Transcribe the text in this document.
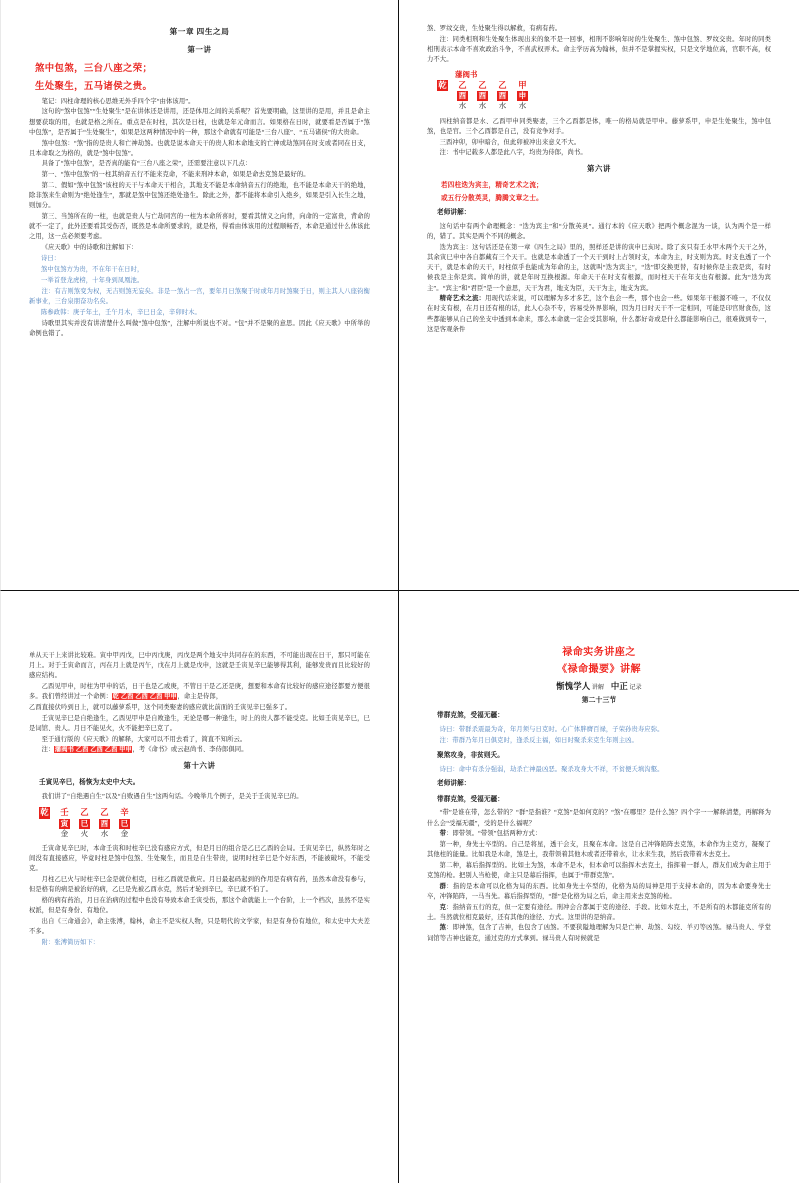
第一章 四生之局
第一讲
煞中包煞，三台八座之荣；
生处聚生，五马诸侯之贵。

笔记：四柱命理的核心思维无外乎四个字“由体该用”。

这句的“煞中包煞”“生处聚生”是在讲体还是讲用，还是体用之间的关系呢？首先要明确，这里讲的是用，并且是命主想要获取的用，也就是格之所在。重点是在时柱，其次是日柱，也就是年元命而言。如果格在日时，就要看是否属于“煞中包煞”，是否属于“生处聚生”，如果是这两种情况中的一种，那这个命就有可能是“三台八座”、“五马诸侯”的大贵命。

煞中包煞：“煞”指的是贵人和亡神劫煞。也就是说本命天干的贵人和本命地支的亡神或劫煞同在时支或者同在日支，且本命取之为格的，就是“煞中包煞”。

具备了“煞中包煞”，是否真的能有“三台八座之荣”，还需要注意以下几点：

第一、“煞中包煞”的一柱其纳音五行不能来克命，不能来刑冲本命，如果是命去克煞是最好的。

第二、假如“煞中包煞”该柱的天干与本命天干相合，其地支不能是本命纳音五行的绝地，也不能是本命天干的绝地，除非煞来生命则为“绝处逢生”，那就是煞中包煞还绝处逢生。除此之外，都不能将本命引入绝乡，如果是引入长生之地，则加分。

第三、当煞所在的一柱，也就是贵人与亡劫同宫的一柱为本命所喜时，要看其情义之向背，向命的一定富贵，背命的就不一定了，此外还要看其受伤否，既然是本命所要求的，就是格，得看由体该用的过程顺畅否，本命是通过什么体该此之用，这一点必须要考虑。

《应天歌》中的诗歌和注解如下：

诗曰：

煞中包煞方为贵，不在年干在日时，

一举首登龙虎榜，十年身到凤凰池。

注：有吉则煞变为权，无吉则煞无妄矣。非是一煞占一宫，要年月日煞聚于时或年月时煞聚于日，则主其人八座钧衡新事业，三台泉朋奋功名矣。

陈参政韩：庚子年土，壬午月木，辛巳日金，辛卯时木。

诗歌里其实并没有讲清楚什么叫做“煞中包煞”，注解中所说也不对。“包”并不是聚的意思。因此《应天歌》中所举的命例也错了。

煞、罗纹交贵，生处聚生得以解救，有病有药。

注：同类相刑和生处聚生体现出来的象不是一回事，相刑不影响年时的生处聚生、煞中包煞、罗纹交贵。年时的同类相刑表示本命不喜欢政治斗争，不喜武权弄术。命主学历高为翰林，但并不是掌握实权，只是文学地位高，官职不高，权力不大。

藩阀书
乾 乙 乙 乙 甲
酉 酉 酉 申
水 水 水 水

四柱纳音都是水、乙酉甲申同类娶妻，三个乙酉都是体，唯一的格局就是甲申。藤萝系甲，申是生处聚生，煞中包煞，也是官。三个乙酉都是自己，没有竞争对手。

三酉冲卯，卯申暗合，但此卯被冲出来意义不大。

注：书中记载多人都是此八字，均贵为侍郎，尚书。

第六讲
若四柱迭为宾主，精奇艺术之流；
或五行分散英灵，腾腾文章之士。
老师讲解：

这句话中有两个命理概念：“迭为宾主”和“分散英灵”。通行本的《应天歌》把两个概念混为一谈，认为两个是一样的，错了。其实是两个不同的概念。

迭为宾主：这句话还是在第一章《四生之局》里的，照样还是讲的寅申巳亥时。除了亥只有壬水甲木两个天干之外，其余寅巳申中各自都藏有三个天干。也就是本命透了一个天干到时上占领时支，本命为主，时支则为宾。时支也透了一个天干，就是本命的天干，时柱似乎也能成为年命的主，这就叫“迭为宾主”，“迭”即交换更替，有时候你是主我是宾，有时候我是主你是宾。简单的讲，就是年时互换根源。年命天干在时支有根源，而时柱天干在年支也有根源。此为“迭为宾主”。“宾主”和“君臣”是一个意思，天干为君，地支为臣，天干为主，地支为宾。

精奇艺术之流：用现代话来说，可以理解为多才多艺，这个也会一些，那个也会一些。如果年干根源不唯一，不仅仅在时支有根，在月日还有根的话，此人心杂不专，容易受外界影响，因为月日时天干不一定相同，可能是印官财食伤，这些都能够从自己的坐支中透到本命来，那么本命就一定会受其影响，什么都好奇或是什么都能影响自己，很难做到专一，这是客观条件

单从天干上来讲比较难。寅中甲丙戊，巳中丙戊庚，丙戊是两个地支中共同存在的东西，不可能出现在日干，那只可能在月上。对于壬寅命而言，丙在月上就是丙午，戊在月上就是戊申，这就是壬寅见辛巳能够得其利，能够发贵而且比较好的感应结构。

乙酉见甲申，时柱为甲申的话，日干也是乙或庚，不管日干是乙还是庚，想要和本命有比较好的感应途径都要方便很多。我们曾经讲过一个命例：乾 乙酉 乙酉 乙酉 甲申，命主是侍郎，

乙酉直接伏吟到日上，就可以藤萝系甲，这个同类娶妻的感应就比前面的壬寅见辛巳强多了。

壬寅见辛巳是自绝逢生，乙酉见甲申是自败逢生，无论是哪一种逢生，时上的贵人都不能受克。比如壬寅见辛巳，巳是词馆、贵人。月日不能见火，火不能把辛巳克了。

至于通行版的《应天歌》的解释，大家可以不用去看了，简直不知所云。

注：藩阀书 乙酉 乙酉 乙酉 甲申，考《命书》或云赵尚书、李侍郎俱同。

第十六讲
壬寅见辛巳，杨恢为太史中大夫。

我们讲了“自绝遇自生”以及“自败遇自生”这两句话。今晚举几个例子，是关于壬寅见辛巳的。

乾 壬 乙 乙 辛
寅 巳 酉 巳
金 火 水 金

壬寅命见辛巳时，本命壬寅和时柱辛巳没有感应方式，但是月日的组合是乙巳乙酉的会局。壬寅见辛巳，纵然年时之间没有直接感应，毕竟时柱是煞中包煞、生处聚生，而且是自生带贵，说明时柱辛巳是个好东西，不能被破坏，不能受克。

月柱乙巳火与时柱辛巳金是就位相克，日柱乙酉就是救应。月日最起码起到的作用是有病有药，虽然本命没有参与，但是格有的病是被治好的病，乙巳是先被乙酉水克，然后才轮到辛巳，辛巳就不怕了。

格的病有药治，月日在治病的过程中也没有导致本命壬寅受伤，那这个命就能上一个台阶，上一个档次，虽然不是实权派，但是有身份、有地位。

出自《三命通会》，命主张溥，翰林，命主不是实权人物，只是明代的文学家，但是有身份有地位，和太史中大夫差不多。

附：张溥简历如下：

禄命实务讲座之
《禄命撮要》讲解
惭愧学人 讲解 中正 记录
第二十三节
带群克煞，受福无疆：

诗曰：带群杀震最为奇，年月须与日克时。心广体胖膺百禄，子荣孙贵寿应弥。

注：带群乃年月日俱克时，逢杀反主福，如日时聚杀来克生年则主凶。

聚煞攻身，非贫则夭。

诗曰：命中有杀分强弱，劫杀亡神最凶恶。聚杀攻身大不祥，不贫便夭填沟壑。

老师讲解：
带群克煞，受福无疆：

“带”是谁在带，怎么带的？“群”是指谁？“克煞”是如何克的？“煞”在哪里？是什么煞？四个字一一解释清楚，再解释为什么会“受福无疆”，受的是什么福呢？

带：即带领。“带领”包括两种方式：

第一种，身先士卒型的。自己是将星，透干会支，且聚在本命。这是自己冲锋陷阵去克煞，本命作为主克方，凝聚了其他柱的能量。比如我是木命，煞是土，我带领着其他木或者还带着水，让水来生我，然后我带着木去克土。

第二种，幕后指挥型的。比如土为煞，本命不是木，但本命可以指挥木去克土，指挥着一群人，群友们成为命主用于克煞的枪。把别人当枪使，命主只是幕后指挥，也属于“带群克煞”。

群：指的是本命可以化格为局的东西。比如身先士卒型的，化格为局的局神是用于支持本命的，因为本命要身先士卒，冲锋陷阵，一马当先。幕后指挥型的，“群”是化格为局之后，命主用来去克煞的枪。

克：指纳音五行的克，但一定要有途径。刑冲会合都属于克的途径、手段。比如木克土，不是所有的木都能克所有的土。当然就位相克最好，还有其他的途径、方式。这里讲的是纳音。

煞：即神煞，包含了吉神，也包含了凶煞。不要狭隘地理解为只是亡神、劫煞、勾绞、羊刃等凶煞。禄马贵人、学堂词馆等吉神也能克，通过克的方式拿到。禄马贵人有时候就是
